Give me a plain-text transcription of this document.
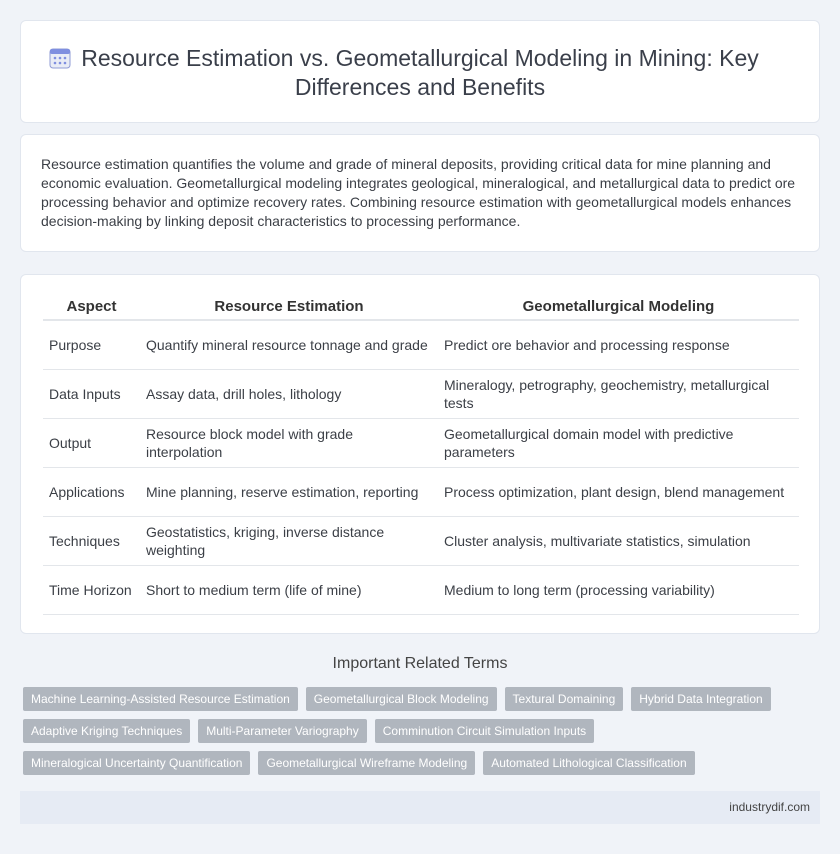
Resource Estimation vs. Geometallurgical Modeling in Mining: Key Differences and Benefits

Resource estimation quantifies the volume and grade of mineral deposits, providing critical data for mine planning and economic evaluation. Geometallurgical modeling integrates geological, mineralogical, and metallurgical data to predict ore processing behavior and optimize recovery rates. Combining resource estimation with geometallurgical models enhances decision-making by linking deposit characteristics to processing performance.

Aspect	Resource Estimation	Geometallurgical Modeling
Purpose	Quantify mineral resource tonnage and grade	Predict ore behavior and processing response
Data Inputs	Assay data, drill holes, lithology	Mineralogy, petrography, geochemistry, metallurgical tests
Output	Resource block model with grade interpolation	Geometallurgical domain model with predictive parameters
Applications	Mine planning, reserve estimation, reporting	Process optimization, plant design, blend management
Techniques	Geostatistics, kriging, inverse distance weighting	Cluster analysis, multivariate statistics, simulation
Time Horizon	Short to medium term (life of mine)	Medium to long term (processing variability)
Important Related Terms
Machine Learning-Assisted Resource Estimation	Geometallurgical Block Modeling	Textural Domaining	Hybrid Data Integration
Adaptive Kriging Techniques	Multi-Parameter Variography	Comminution Circuit Simulation Inputs
Mineralogical Uncertainty Quantification	Geometallurgical Wireframe Modeling	Automated Lithological Classification
industrydif.com
